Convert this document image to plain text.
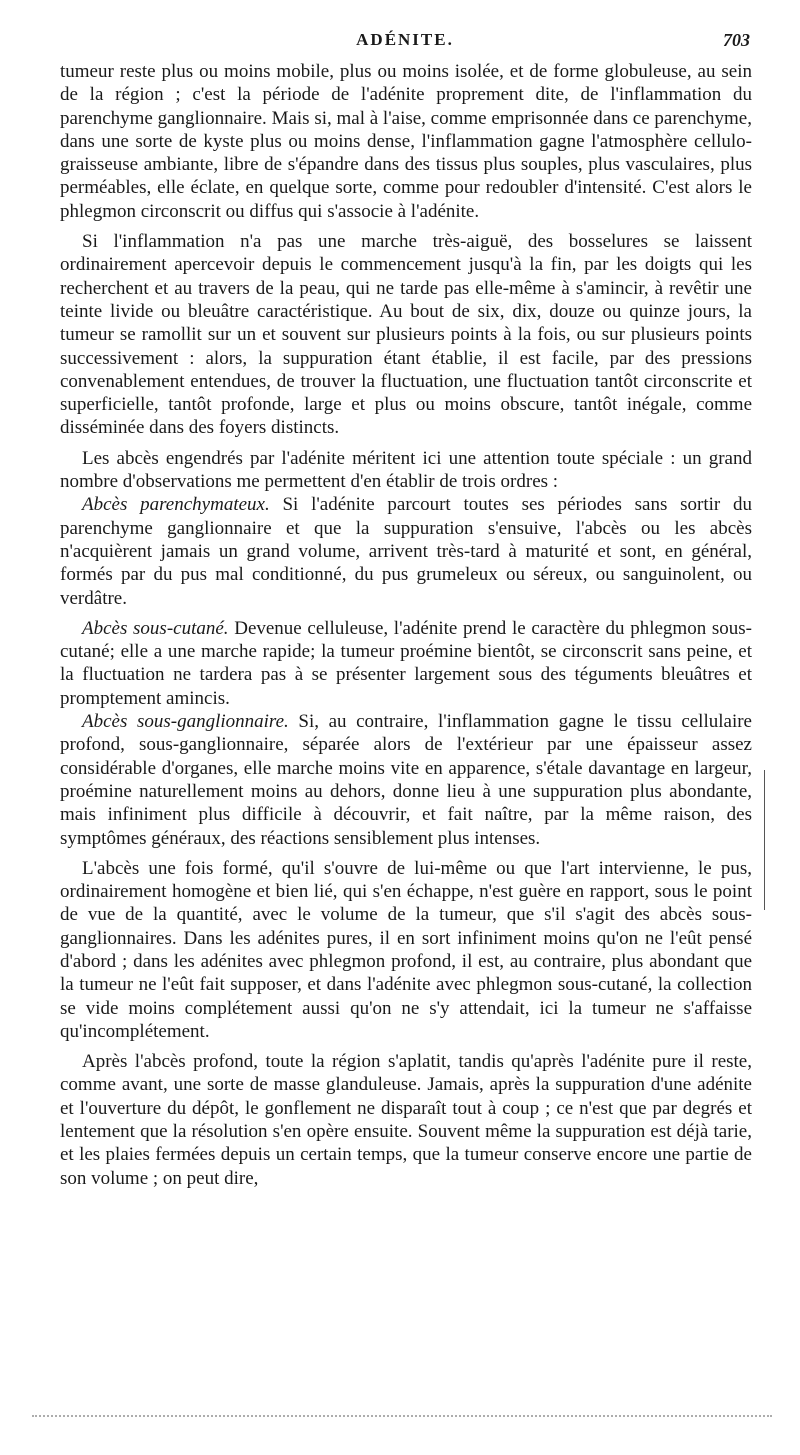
ADÉNITE.	703

tumeur reste plus ou moins mobile, plus ou moins isolée, et de forme globuleuse, au sein de la région ; c'est la période de l'adénite proprement dite, de l'inflammation du parenchyme ganglionnaire. Mais si, mal à l'aise, comme emprisonnée dans ce parenchyme, dans une sorte de kyste plus ou moins dense, l'inflammation gagne l'atmosphère cellulo-graisseuse ambiante, libre de s'épandre dans des tissus plus souples, plus vasculaires, plus perméables, elle éclate, en quelque sorte, comme pour redoubler d'intensité. C'est alors le phlegmon circonscrit ou diffus qui s'associe à l'adénite.

Si l'inflammation n'a pas une marche très-aiguë, des bosselures se laissent ordinairement apercevoir depuis le commencement jusqu'à la fin, par les doigts qui les recherchent et au travers de la peau, qui ne tarde pas elle-même à s'amincir, à revêtir une teinte livide ou bleuâtre caractéristique. Au bout de six, dix, douze ou quinze jours, la tumeur se ramollit sur un et souvent sur plusieurs points à la fois, ou sur plusieurs points successivement : alors, la suppuration étant établie, il est facile, par des pressions convenablement entendues, de trouver la fluctuation, une fluctuation tantôt circonscrite et superficielle, tantôt profonde, large et plus ou moins obscure, tantôt inégale, comme disséminée dans des foyers distincts.

Les abcès engendrés par l'adénite méritent ici une attention toute spéciale : un grand nombre d'observations me permettent d'en établir de trois ordres :

Abcès parenchymateux. Si l'adénite parcourt toutes ses périodes sans sortir du parenchyme ganglionnaire et que la suppuration s'ensuive, l'abcès ou les abcès n'acquièrent jamais un grand volume, arrivent très-tard à maturité et sont, en général, formés par du pus mal conditionné, du pus grumeleux ou séreux, ou sanguinolent, ou verdâtre.

Abcès sous-cutané. Devenue celluleuse, l'adénite prend le caractère du phlegmon sous-cutané; elle a une marche rapide; la tumeur proémine bientôt, se circonscrit sans peine, et la fluctuation ne tardera pas à se présenter largement sous des téguments bleuâtres et promptement amincis.

Abcès sous-ganglionnaire. Si, au contraire, l'inflammation gagne le tissu cellulaire profond, sous-ganglionnaire, séparée alors de l'extérieur par une épaisseur assez considérable d'organes, elle marche moins vite en apparence, s'étale davantage en largeur, proémine naturellement moins au dehors, donne lieu à une suppuration plus abondante, mais infiniment plus difficile à découvrir, et fait naître, par la même raison, des symptômes généraux, des réactions sensiblement plus intenses.

L'abcès une fois formé, qu'il s'ouvre de lui-même ou que l'art intervienne, le pus, ordinairement homogène et bien lié, qui s'en échappe, n'est guère en rapport, sous le point de vue de la quantité, avec le volume de la tumeur, que s'il s'agit des abcès sous-ganglionnaires. Dans les adénites pures, il en sort infiniment moins qu'on ne l'eût pensé d'abord ; dans les adénites avec phlegmon profond, il est, au contraire, plus abondant que la tumeur ne l'eût fait supposer, et dans l'adénite avec phlegmon sous-cutané, la collection se vide moins complétement aussi qu'on ne s'y attendait, ici la tumeur ne s'affaisse qu'incomplétement.

Après l'abcès profond, toute la région s'aplatit, tandis qu'après l'adénite pure il reste, comme avant, une sorte de masse glanduleuse. Jamais, après la suppuration d'une adénite et l'ouverture du dépôt, le gonflement ne disparaît tout à coup ; ce n'est que par degrés et lentement que la résolution s'en opère ensuite. Souvent même la suppuration est déjà tarie, et les plaies fermées depuis un certain temps, que la tumeur conserve encore une partie de son volume ; on peut dire,
